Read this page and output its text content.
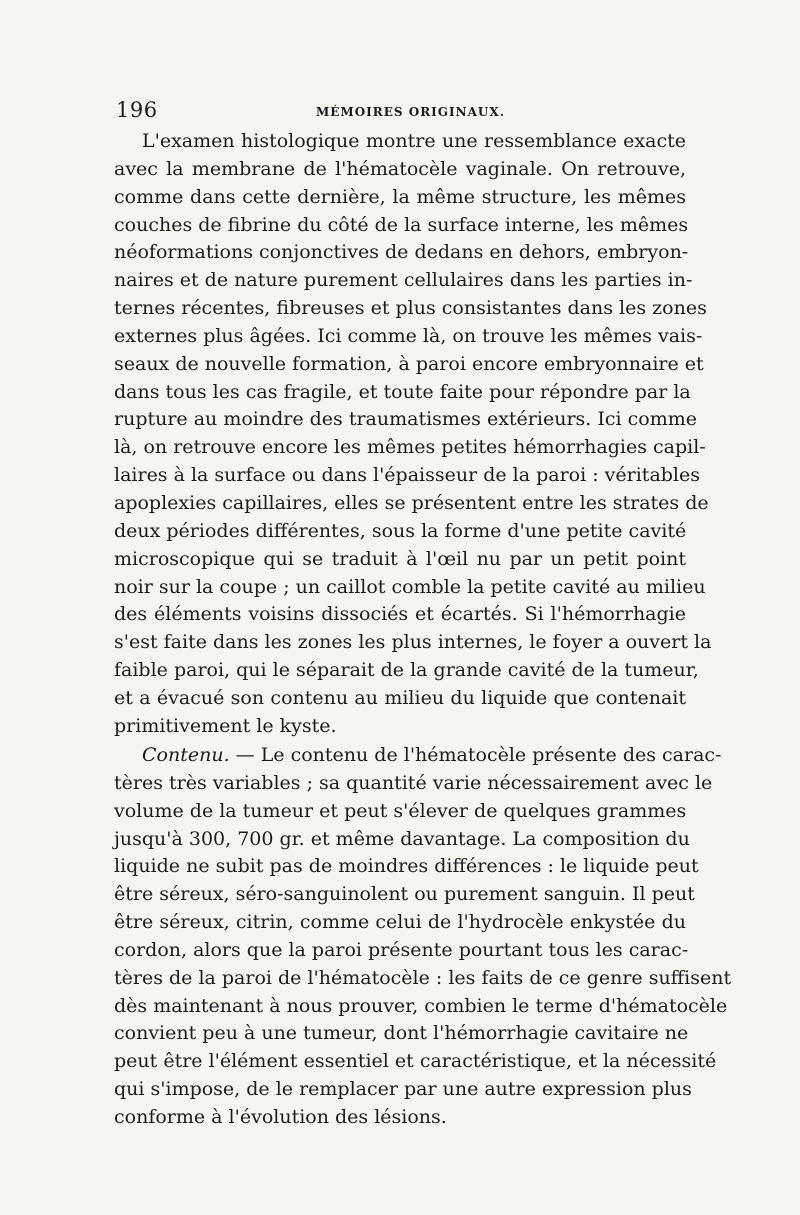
196	MÉMOIRES ORIGINAUX.
L'examen histologique montre une ressemblance exacte
avec la membrane de l'hématocèle vaginale. On retrouve,
comme dans cette dernière, la même structure, les mêmes
couches de fibrine du côté de la surface interne, les mêmes
néoformations conjonctives de dedans en dehors, embryon-
naires et de nature purement cellulaires dans les parties in-
ternes récentes, fibreuses et plus consistantes dans les zones
externes plus âgées. Ici comme là, on trouve les mêmes vais-
seaux de nouvelle formation, à paroi encore embryonnaire et
dans tous les cas fragile, et toute faite pour répondre par la
rupture au moindre des traumatismes extérieurs. Ici comme
là, on retrouve encore les mêmes petites hémorrhagies capil-
laires à la surface ou dans l'épaisseur de la paroi : véritables
apoplexies capillaires, elles se présentent entre les strates de
deux périodes différentes, sous la forme d'une petite cavité
microscopique qui se traduit à l'œil nu par un petit point
noir sur la coupe ; un caillot comble la petite cavité au milieu
des éléments voisins dissociés et écartés. Si l'hémorrhagie
s'est faite dans les zones les plus internes, le foyer a ouvert la
faible paroi, qui le séparait de la grande cavité de la tumeur,
et a évacué son contenu au milieu du liquide que contenait
primitivement le kyste.
Contenu. — Le contenu de l'hématocèle présente des carac-
tères très variables ; sa quantité varie nécessairement avec le
volume de la tumeur et peut s'élever de quelques grammes
jusqu'à 300, 700 gr. et même davantage. La composition du
liquide ne subit pas de moindres différences : le liquide peut
être séreux, séro-sanguinolent ou purement sanguin. Il peut
être séreux, citrin, comme celui de l'hydrocèle enkystée du
cordon, alors que la paroi présente pourtant tous les carac-
tères de la paroi de l'hématocèle : les faits de ce genre suffisent
dès maintenant à nous prouver, combien le terme d'hématocèle
convient peu à une tumeur, dont l'hémorrhagie cavitaire ne
peut être l'élément essentiel et caractéristique, et la nécessité
qui s'impose, de le remplacer par une autre expression plus
conforme à l'évolution des lésions.
